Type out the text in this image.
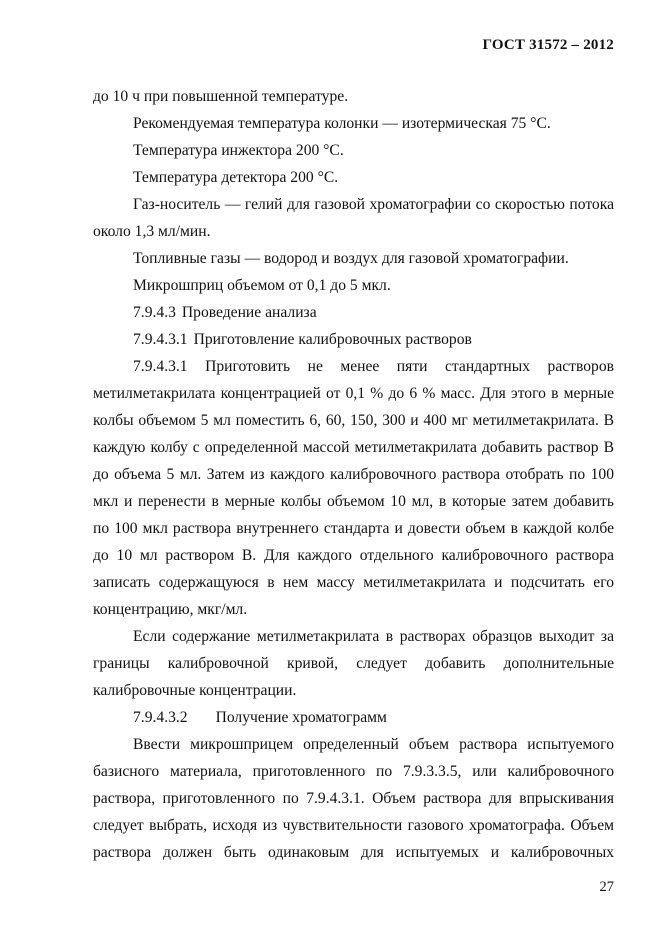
ГОСТ 31572 – 2012
до 10 ч при повышенной температуре.
Рекомендуемая температура колонки — изотермическая 75 °С.
Температура инжектора 200 °С.
Температура детектора 200 °С.
Газ-носитель — гелий для газовой хроматографии со скоростью потока
около 1,3 мл/мин.
Топливные газы — водород и воздух для газовой хроматографии.
Микрошприц объемом от 0,1 до 5 мкл.
7.9.4.3 Проведение анализа
7.9.4.3.1 Приготовление калибровочных растворов
7.9.4.3.1 Приготовить не менее пяти стандартных растворов
метилметакрилата концентрацией от 0,1 % до 6 % масс. Для этого в мерные
колбы объемом 5 мл поместить 6, 60, 150, 300 и 400 мг метилметакрилата. В
каждую колбу с определенной массой метилметакрилата добавить раствор В
до объема 5 мл. Затем из каждого калибровочного раствора отобрать по 100
мкл и перенести в мерные колбы объемом 10 мл, в которые затем добавить
по 100 мкл раствора внутреннего стандарта и довести объем в каждой колбе
до 10 мл раствором В. Для каждого отдельного калибровочного раствора
записать содержащуюся в нем массу метилметакрилата и подсчитать его
концентрацию, мкг/мл.
Если содержание метилметакрилата в растворах образцов выходит за
границы калибровочной кривой, следует добавить дополнительные
калибровочные концентрации.
7.9.4.3.2 Получение хроматограмм
Ввести микрошприцем определенный объем раствора испытуемого
базисного материала, приготовленного по 7.9.3.3.5, или калибровочного
раствора, приготовленного по 7.9.4.3.1. Объем раствора для впрыскивания
следует выбрать, исходя из чувствительности газового хроматографа. Объем
раствора должен быть одинаковым для испытуемых и калибровочных
27
